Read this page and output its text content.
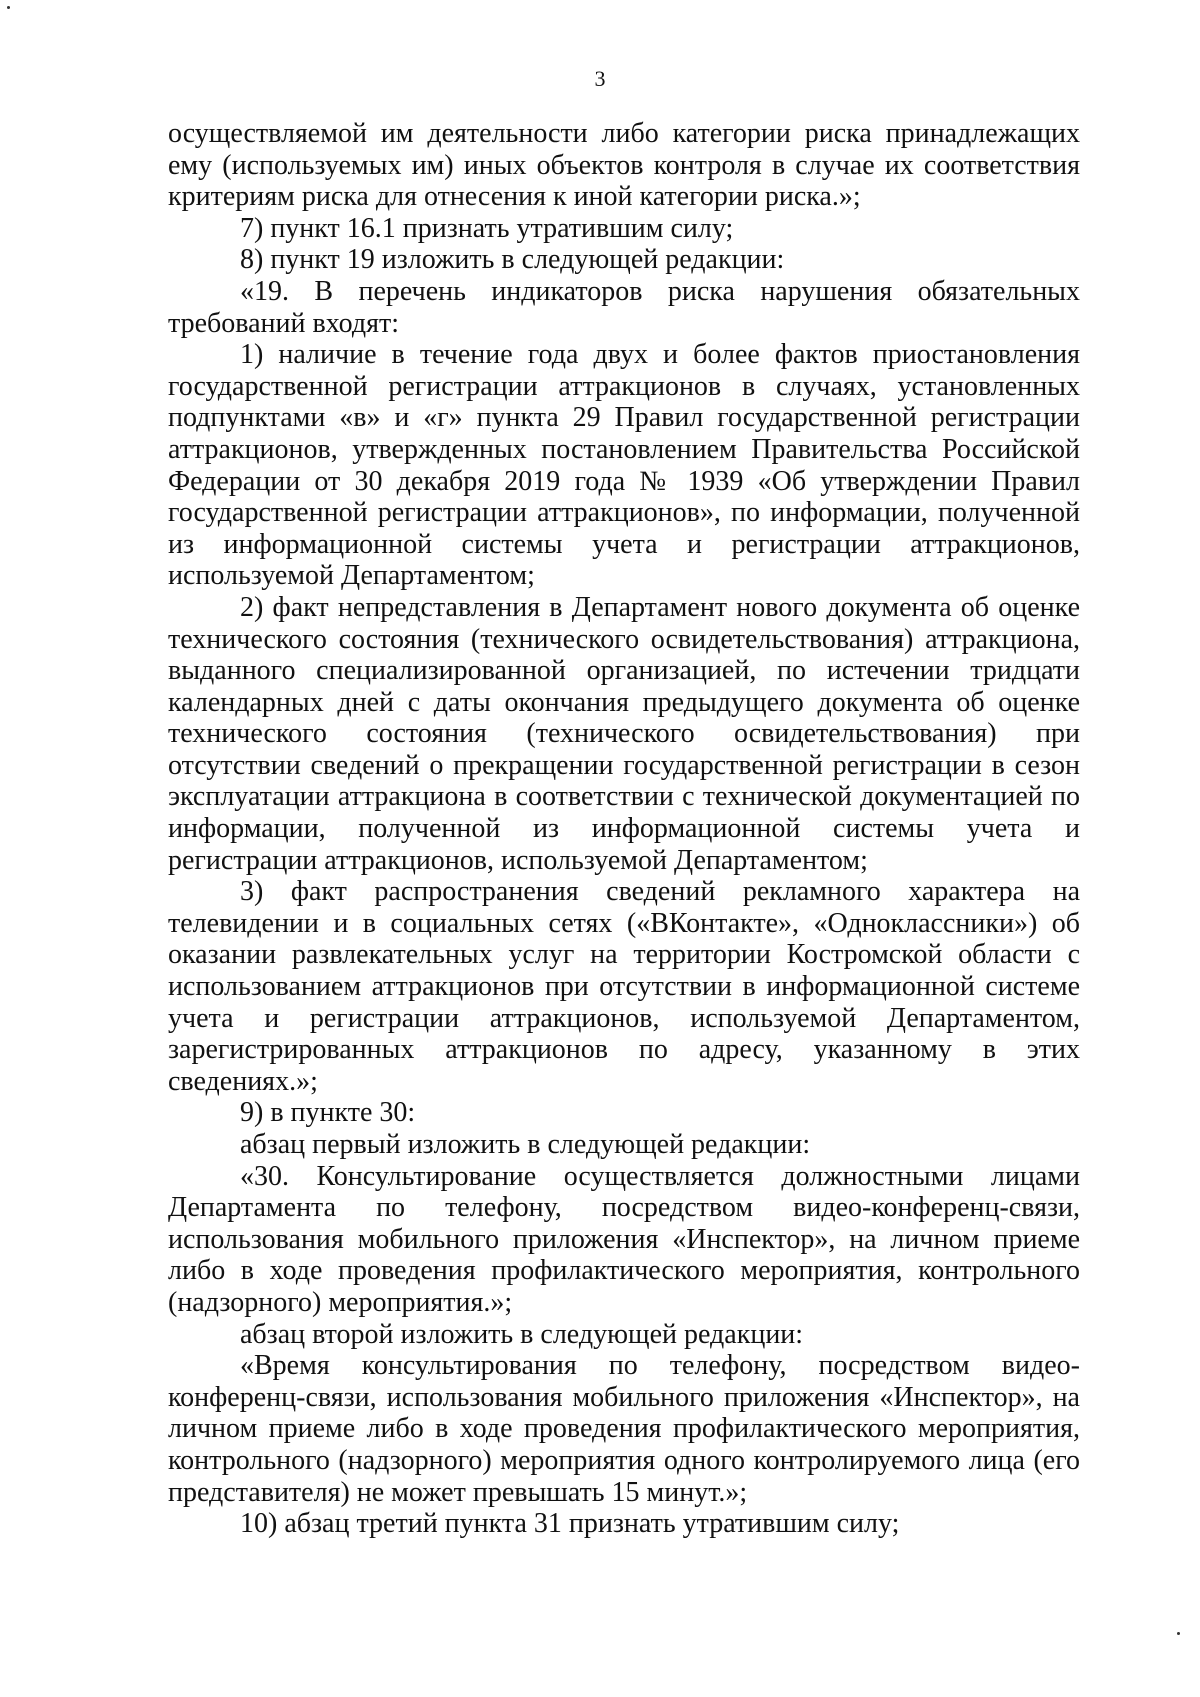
3

осуществляемой им деятельности либо категории риска принадлежащих ему (используемых им) иных объектов контроля в случае их соответствия критериям риска для отнесения к иной категории риска.»;

7) пункт 16.1 признать утратившим силу;

8) пункт 19 изложить в следующей редакции:

«19. В перечень индикаторов риска нарушения обязательных требований входят:

1) наличие в течение года двух и более фактов приостановления государственной регистрации аттракционов в случаях, установленных подпунктами «в» и «г» пункта 29 Правил государственной регистрации аттракционов, утвержденных постановлением Правительства Российской Федерации от 30 декабря 2019 года № 1939 «Об утверждении Правил государственной регистрации аттракционов», по информации, полученной из информационной системы учета и регистрации аттракционов, используемой Департаментом;

2) факт непредставления в Департамент нового документа об оценке технического состояния (технического освидетельствования) аттракциона, выданного специализированной организацией, по истечении тридцати календарных дней с даты окончания предыдущего документа об оценке технического состояния (технического освидетельствования) при отсутствии сведений о прекращении государственной регистрации в сезон эксплуатации аттракциона в соответствии с технической документацией по информации, полученной из информационной системы учета и регистрации аттракционов, используемой Департаментом;

3) факт распространения сведений рекламного характера на телевидении и в социальных сетях («ВКонтакте», «Одноклассники») об оказании развлекательных услуг на территории Костромской области с использованием аттракционов при отсутствии в информационной системе учета и регистрации аттракционов, используемой Департаментом, зарегистрированных аттракционов по адресу, указанному в этих сведениях.»;

9) в пункте 30:

абзац первый изложить в следующей редакции:

«30. Консультирование осуществляется должностными лицами Департамента по телефону, посредством видео-конференц-связи, использования мобильного приложения «Инспектор», на личном приеме либо в ходе проведения профилактического мероприятия, контрольного (надзорного) мероприятия.»;

абзац второй изложить в следующей редакции:

«Время консультирования по телефону, посредством видео-конференц-связи, использования мобильного приложения «Инспектор», на личном приеме либо в ходе проведения профилактического мероприятия, контрольного (надзорного) мероприятия одного контролируемого лица (его представителя) не может превышать 15 минут.»;

10) абзац третий пункта 31 признать утратившим силу;
